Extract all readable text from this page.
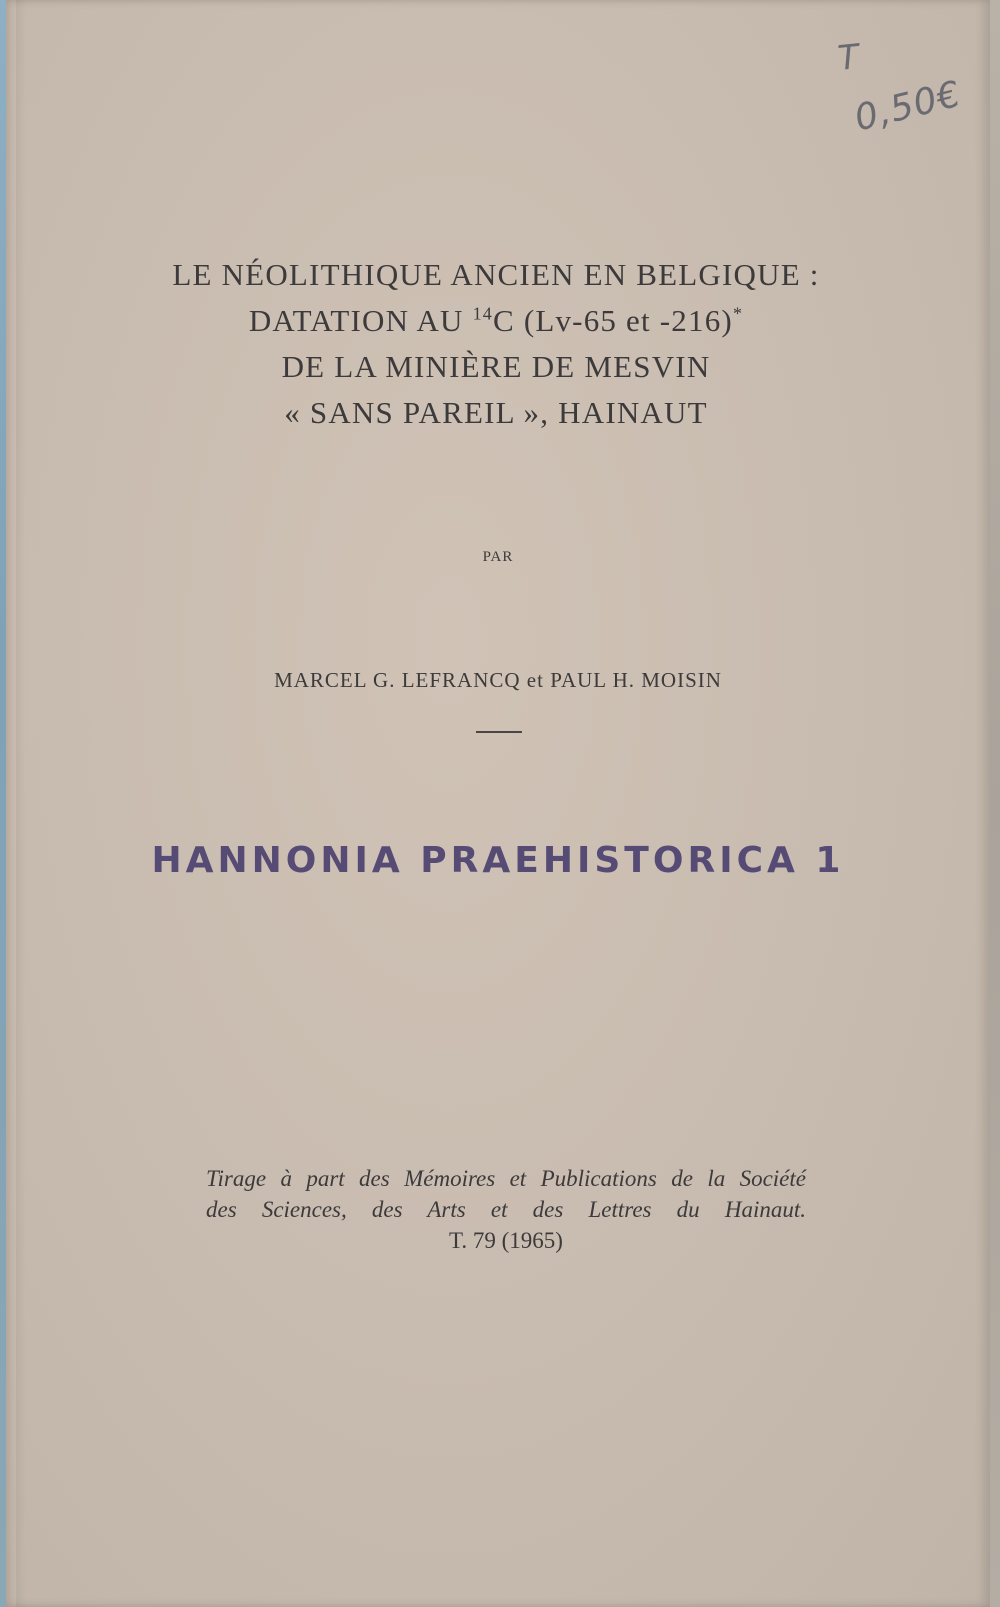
T
0,50€
LE NÉOLITHIQUE ANCIEN EN BELGIQUE :
DATATION AU $^{14}$C (Lv-65 et -216)*
DE LA MINIÈRE DE MESVIN
« SANS PAREIL », HAINAUT
PAR
MARCEL G. LEFRANCQ et PAUL H. MOISIN
HANNONIA PRAEHISTORICA 1
Tirage à part des Mémoires et Publications de la Société
des Sciences, des Arts et des Lettres du Hainaut.
T. 79 (1965)
